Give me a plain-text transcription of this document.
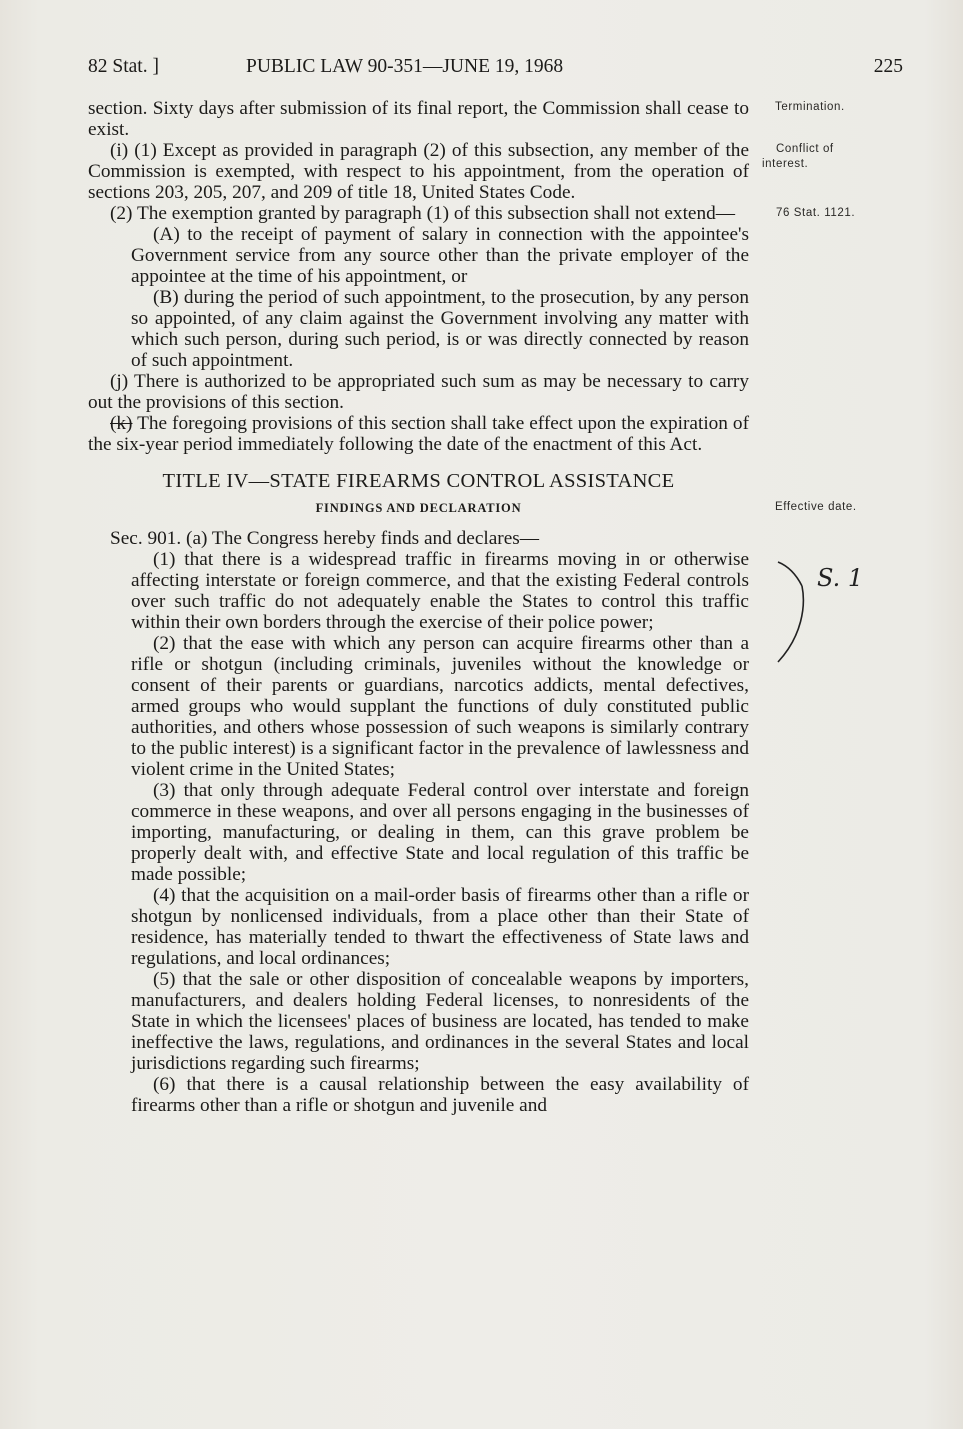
82 Stat. ]	PUBLIC LAW 90-351—JUNE 19, 1968	225
Termination.
Conflict of
interest.
76 Stat. 1121.
Effective date.
S. 1

section. Sixty days after submission of its final report, the Commission shall cease to exist.

(i) (1) Except as provided in paragraph (2) of this subsection, any member of the Commission is exempted, with respect to his appointment, from the operation of sections 203, 205, 207, and 209 of title 18, United States Code.

(2) The exemption granted by paragraph (1) of this subsection shall not extend—

(A) to the receipt of payment of salary in connection with the appointee's Government service from any source other than the private employer of the appointee at the time of his appointment, or

(B) during the period of such appointment, to the prosecution, by any person so appointed, of any claim against the Government involving any matter with which such person, during such period, is or was directly connected by reason of such appointment.

(j) There is authorized to be appropriated such sum as may be necessary to carry out the provisions of this section.

(k) The foregoing provisions of this section shall take effect upon the expiration of the six-year period immediately following the date of the enactment of this Act.

TITLE IV—STATE FIREARMS CONTROL ASSISTANCE
FINDINGS AND DECLARATION

Sec. 901. (a) The Congress hereby finds and declares—

(1) that there is a widespread traffic in firearms moving in or otherwise affecting interstate or foreign commerce, and that the existing Federal controls over such traffic do not adequately enable the States to control this traffic within their own borders through the exercise of their police power;

(2) that the ease with which any person can acquire firearms other than a rifle or shotgun (including criminals, juveniles without the knowledge or consent of their parents or guardians, narcotics addicts, mental defectives, armed groups who would supplant the functions of duly constituted public authorities, and others whose possession of such weapons is similarly contrary to the public interest) is a significant factor in the prevalence of lawlessness and violent crime in the United States;

(3) that only through adequate Federal control over interstate and foreign commerce in these weapons, and over all persons engaging in the businesses of importing, manufacturing, or dealing in them, can this grave problem be properly dealt with, and effective State and local regulation of this traffic be made possible;

(4) that the acquisition on a mail-order basis of firearms other than a rifle or shotgun by nonlicensed individuals, from a place other than their State of residence, has materially tended to thwart the effectiveness of State laws and regulations, and local ordinances;

(5) that the sale or other disposition of concealable weapons by importers, manufacturers, and dealers holding Federal licenses, to nonresidents of the State in which the licensees' places of business are located, has tended to make ineffective the laws, regulations, and ordinances in the several States and local jurisdictions regarding such firearms;

(6) that there is a causal relationship between the easy availability of firearms other than a rifle or shotgun and juvenile and
